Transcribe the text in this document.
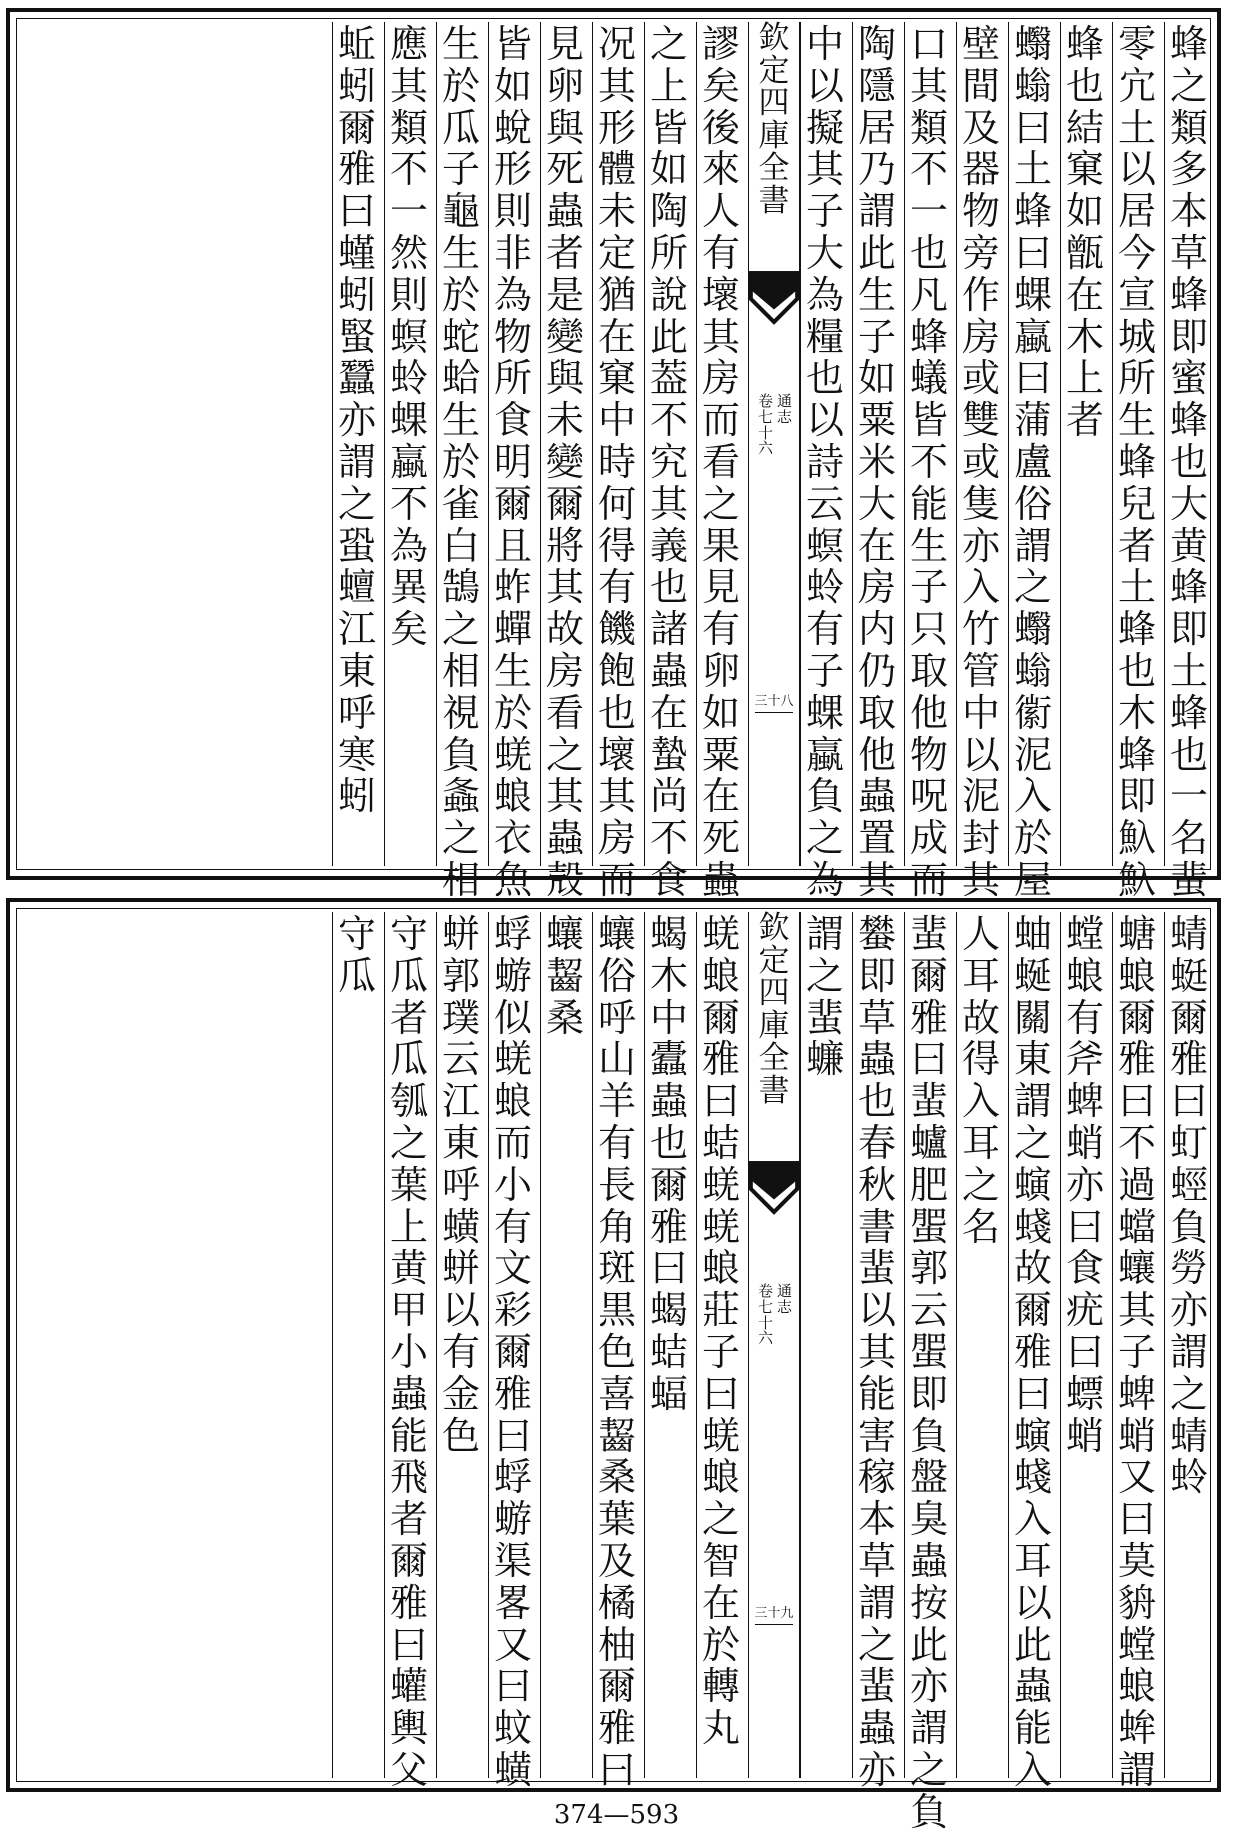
蜂
之
類
多
本
草
蜂
即
蜜
蜂
也
大
黄
蜂
即
土
蜂
也
一
名
蜚
零
宂
土
以
居
今
宣
城
所
生
蜂
兒
者
土
蜂
也
木
蜂
即
魞
魞
蜂
也
結
窠
如
甑
在
木
上
者
蠮
螉
曰
土
蜂
曰
蜾
蠃
曰
蒲
盧
俗
謂
之
蠮
螉
䘗
泥
入
於
屋
壁
間
及
器
物
旁
作
房
或
雙
或
隻
亦
入
竹
管
中
以
泥
封
其
口
其
類
不
一
也
凡
蜂
蟻
皆
不
能
生
子
只
取
他
物
呪
成
而
陶
隱
居
乃
謂
此
生
子
如
粟
米
大
在
房
内
仍
取
他
蟲
置
其
中
以
擬
其
子
大
為
糧
也
以
詩
云
螟
蛉
有
子
蜾
蠃
負
之
為
欽
定
四
庫
全
書
通
志
卷
七
十
六
三十八
謬
矣
後
來
人
有
壞
其
房
而
看
之
果
見
有
卵
如
粟
在
死
蟲
之
上
皆
如
陶
所
說
此
葢
不
究
其
義
也
諸
蟲
在
蟄
尚
不
食
况
其
形
體
未
定
猶
在
窠
中
時
何
得
有
饑
飽
也
壞
其
房
而
見
卵
與
死
蟲
者
是
變
與
未
變
爾
將
其
故
房
看
之
其
蟲
殻
皆
如
蛻
形
則
非
為
物
所
食
明
爾
且
蚱
蟬
生
於
蜣
蜋
衣
魚
生
於
瓜
子
龜
生
於
蛇
蛤
生
於
雀
白
鵠
之
相
視
負
螽
之
相
應
其
類
不
一
然
則
螟
蛉
蜾
蠃
不
為
異
矣
蚯
蚓
爾
雅
曰
螼
蚓
蜸
蠶
亦
謂
之
蛩
蟺
江
東
呼
寒
蚓
蜻
蜓
爾
雅
曰
虰
蛵
負
勞
亦
謂
之
蜻
蛉
螗
蜋
爾
雅
曰
不
過
蟷
蠰
其
子
蜱
蛸
又
曰
莫
貈
螳
蜋
蛑
謂
螳
蜋
有
斧
蜱
蛸
亦
曰
食
疣
曰
螵
蛸
蚰
蜒
關
東
謂
之
螾
䗃
故
爾
雅
曰
螾
䗃
入
耳
以
此
蟲
能
入
人
耳
故
得
入
耳
之
名
蜚
爾
雅
曰
蜚
蠦
肥
蜰
郭
云
蜰
即
負
盤
臭
蟲
按
此
亦
謂
之
負
蠜
即
草
蟲
也
春
秋
書
蜚
以
其
能
害
稼
本
草
謂
之
蜚
蟲
亦
謂
之
蜚
蠊
欽
定
四
庫
全
書
通
志
卷
七
十
六
三十九
蜣
蜋
爾
雅
曰
蛣
蜣
蜣
蜋
莊
子
曰
蜣
蜋
之
智
在
於
轉
丸
蝎
木
中
蠹
蟲
也
爾
雅
曰
蝎
蛣
蝠
蠰
俗
呼
山
羊
有
長
角
斑
黒
色
喜
齧
桑
葉
及
橘
柚
爾
雅
曰
蠰
齧
桑
蜉
蝣
似
蜣
蜋
而
小
有
文
彩
爾
雅
曰
蜉
蝣
渠
畧
又
曰
蚊
蟥
蛢
郭
璞
云
江
東
呼
蟥
蛢
以
有
金
色
守
瓜
者
瓜
瓠
之
葉
上
黄
甲
小
蟲
能
飛
者
爾
雅
曰
蠸
輿
父
守
瓜
374—593
